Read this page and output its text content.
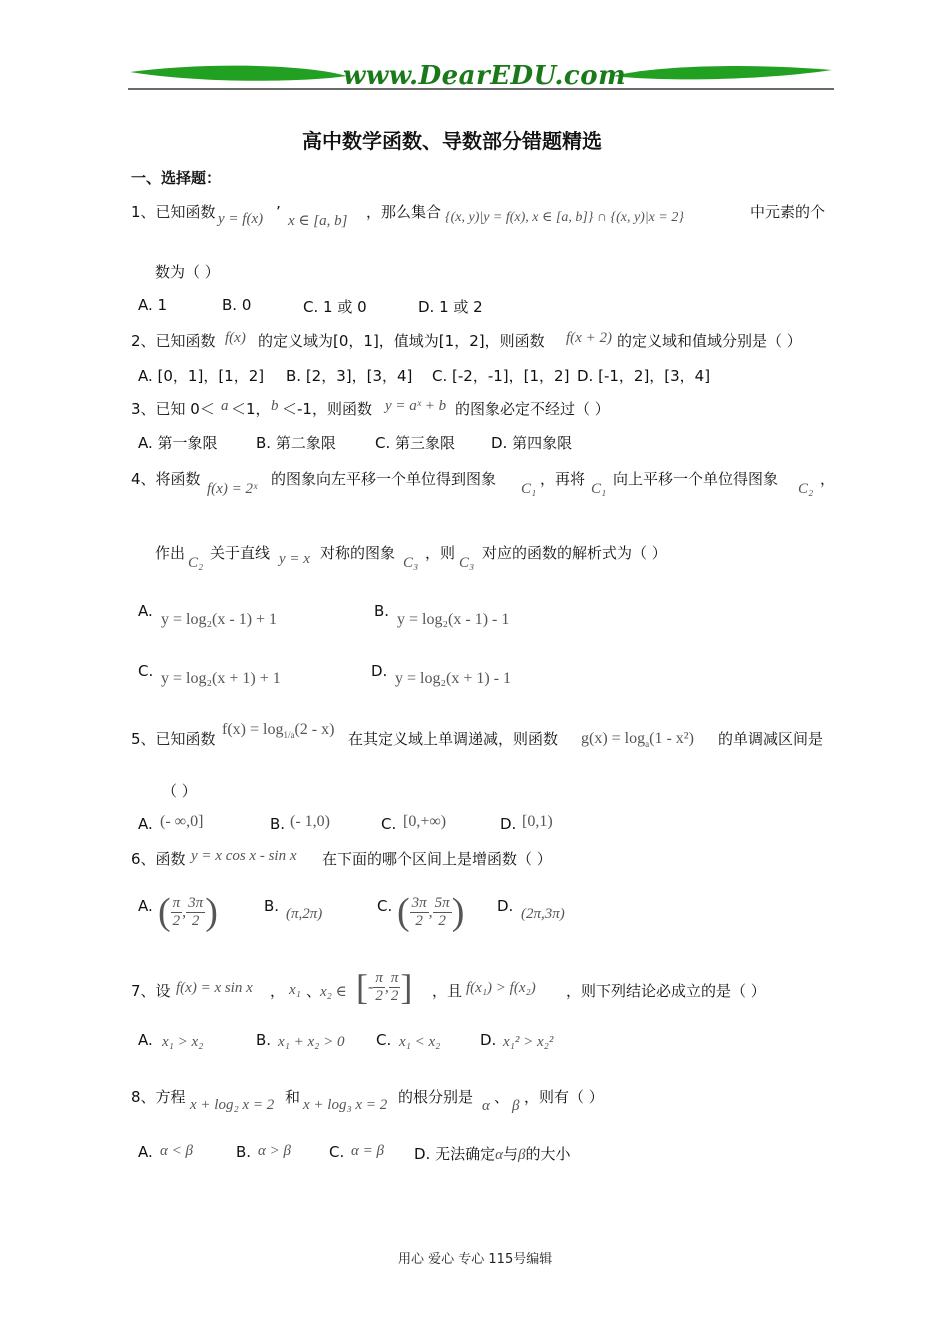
www.DearEDU.com
高中数学函数、导数部分错题精选
一、选择题：
1、已知函数 y = f(x) ’ x ∈ [a, b] ，那么集合 {(x, y)|y = f(x), x ∈ [a, b]} ∩ {(x, y)|x = 2}	中元素的个
数为（ ）
A. 1	B. 0	C. 1 或 0	D. 1 或 2
2、已知函数 f(x) 的定义域为[0，1]，值域为[1，2]，则函数 f(x + 2) 的定义域和值域分别是（ ）
A. [0，1]，[1，2] B. [2，3]，[3，4] C. [-2，-1]，[1，2] D. [-1，2]，[3，4]
3、已知 0＜ a ＜1， b ＜-1，则函数 y = aˣ + b 的图象必定不经过（ ）
A. 第一象限	B. 第二象限	C. 第三象限 D. 第四象限
4、将函数
f(x) = 2ˣ
的图象向左平移一个单位得到图象
C₁
，再将
C₁
向上平移一个单位得图象
C₂
，
作出
C₂
关于直线 y = x 对称的图象
C₃
，则
C₃
对应的函数的解析式为（ ）
A. y = log₂(x - 1) + 1	B. y = log₂(x - 1) - 1
C. y = log₂(x + 1) + 1	D. y = log₂(x + 1) - 1
5、已知函数
$f(x) = \log_{1/a}(2 - x)$
在其定义域上单调递减，则函数 $g(x) = \log_a(1 - x^2)$ 的单调减区间是
（ ）
A. (- ∞,0]	B. (- 1,0)	C. [0,+∞)	D. [0,1)
6、函数 y = x cos x - sin x 在下面的哪个区间上是增函数（ ）
A. ( $\frac{\pi}{2}$ , $\frac{3\pi}{2}$ )	B. (π,2π)	C. ( $\frac{3\pi}{2}$ , $\frac{5\pi}{2}$ ) D. (2π,3π)
7、设 f(x) = x sin x ， x₁ 、
x₂ ∈ [- $\frac{\pi}{2}$ , $\frac{\pi}{2}$ ] ，且 f(x₁) > f(x₂) ，则下列结论必成立的是（ ）
A. x₁ > x₂	B. x₁ + x₂ > 0 C. x₁ < x₂	D. x₁² > x₂²
8、方程 x + log₂ x = 2 和 x + log₃ x = 2 的根分别是 α 、 β ，则有（ ）
A. α < β	B. α > β	C. α = β D. 无法确定α与β的大小
用心 爱心 专心 115号编辑
